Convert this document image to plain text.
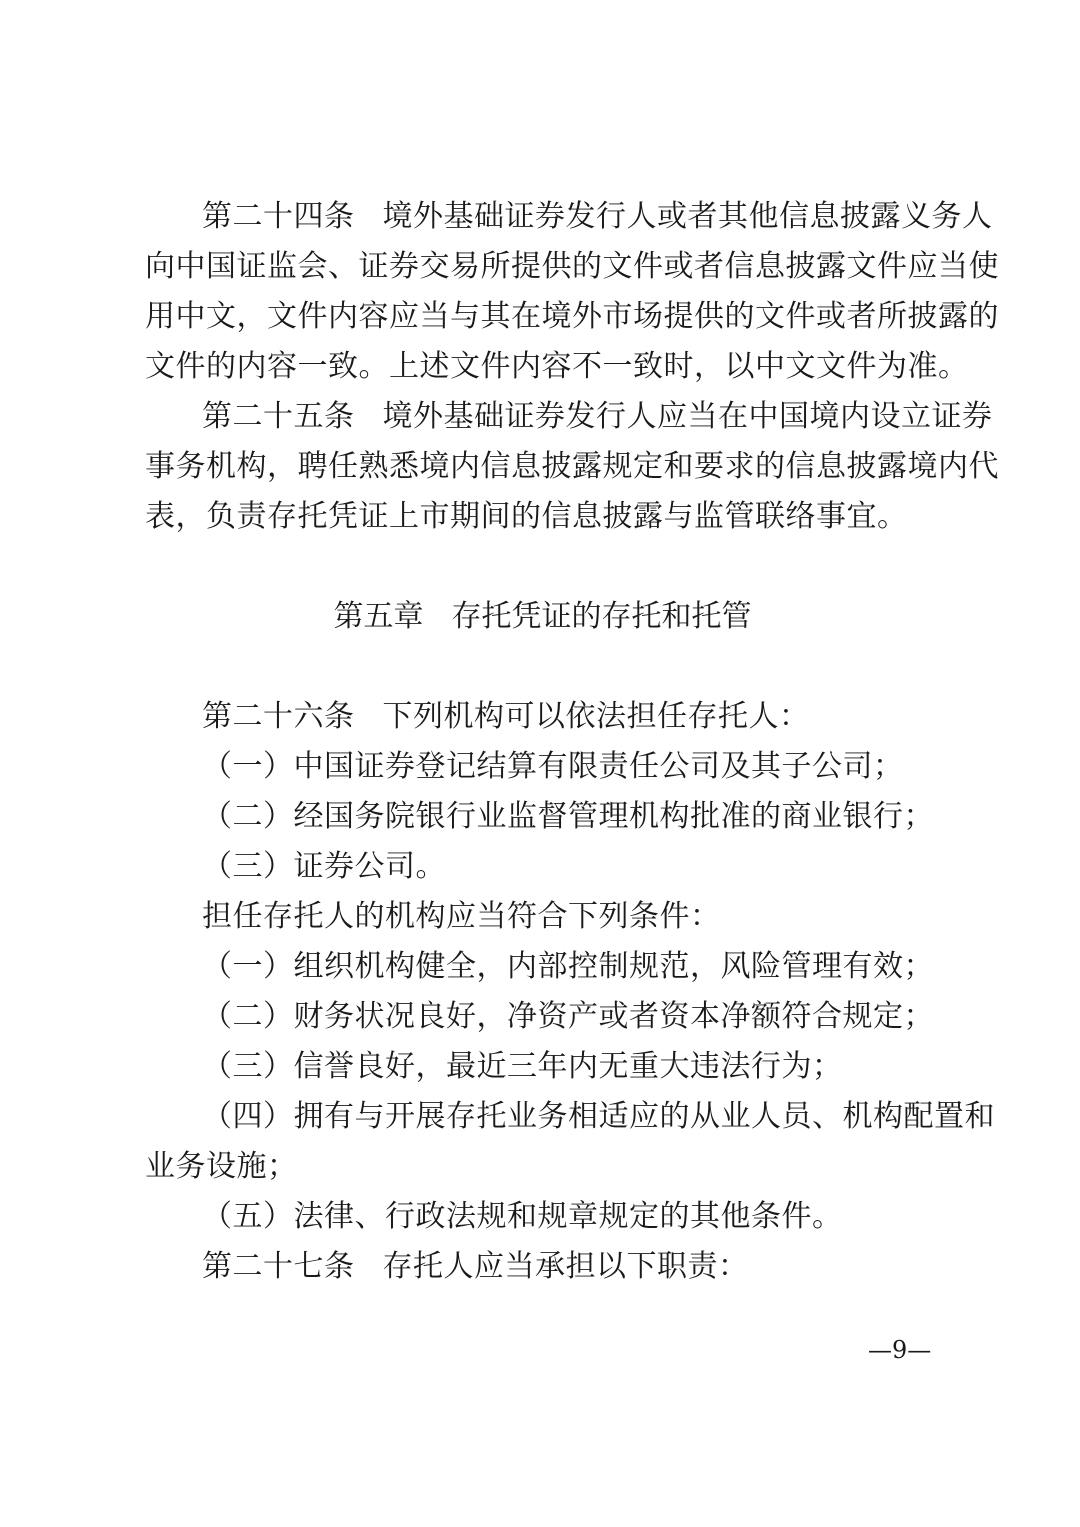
第二十四条 境外基础证券发行人或者其他信息披露义务人
向中国证监会、证券交易所提供的文件或者信息披露文件应当使
用中文，文件内容应当与其在境外市场提供的文件或者所披露的
文件的内容一致。上述文件内容不一致时，以中文文件为准。
第二十五条 境外基础证券发行人应当在中国境内设立证券
事务机构，聘任熟悉境内信息披露规定和要求的信息披露境内代
表，负责存托凭证上市期间的信息披露与监管联络事宜。
第五章 存托凭证的存托和托管
第二十六条 下列机构可以依法担任存托人：
（一）中国证券登记结算有限责任公司及其子公司；
（二）经国务院银行业监督管理机构批准的商业银行；
（三）证券公司。
担任存托人的机构应当符合下列条件：
（一）组织机构健全，内部控制规范，风险管理有效；
（二）财务状况良好，净资产或者资本净额符合规定；
（三）信誉良好，最近三年内无重大违法行为；
（四）拥有与开展存托业务相适应的从业人员、机构配置和
业务设施；
（五）法律、行政法规和规章规定的其他条件。
第二十七条 存托人应当承担以下职责：
—9—
